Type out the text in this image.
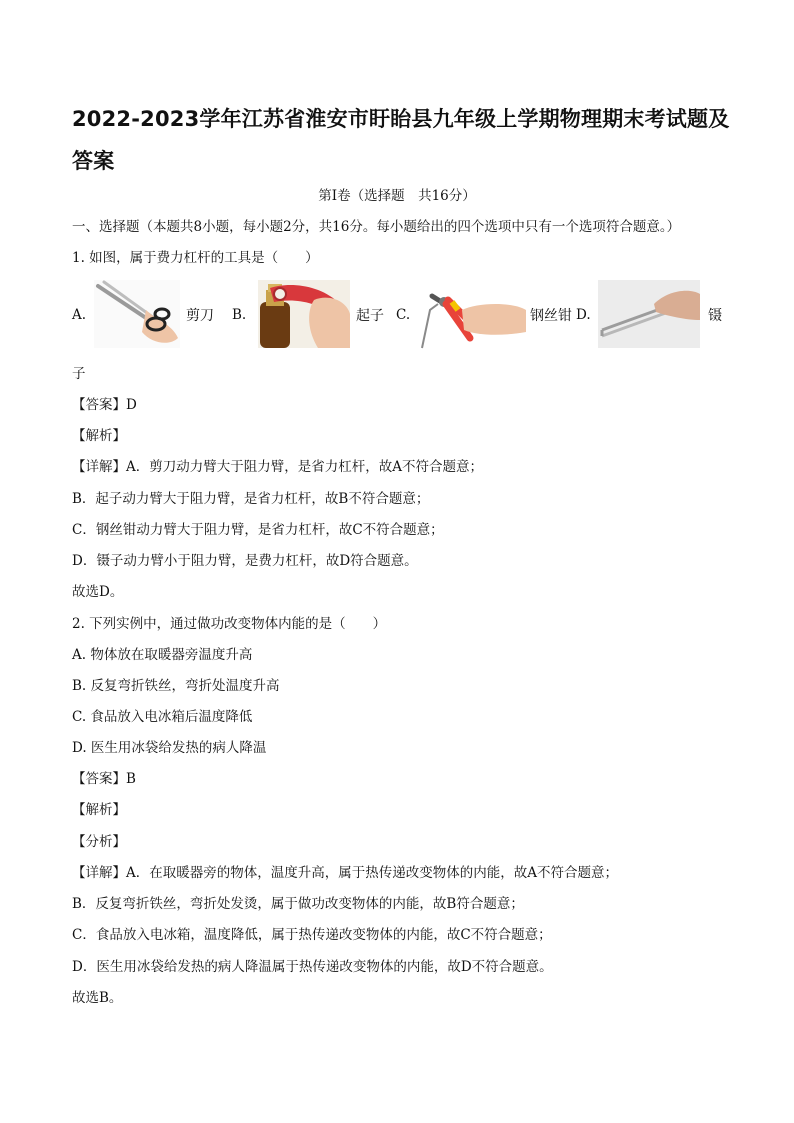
2022-2023学年江苏省淮安市盱眙县九年级上学期物理期末考试题及答案
第Ⅰ卷（选择题　共16分）
一、选择题（本题共8小题，每小题2分，共16分。每小题给出的四个选项中只有一个选项符合题意。）
1. 如图，属于费力杠杆的工具是（　　）
A.	剪刀 B.	起子 C.	钢丝钳 D.	镊
子
【答案】D
【解析】
【详解】A．剪刀动力臂大于阻力臂，是省力杠杆，故A不符合题意；
B．起子动力臂大于阻力臂，是省力杠杆，故B不符合题意；
C．钢丝钳动力臂大于阻力臂，是省力杠杆，故C不符合题意；
D．镊子动力臂小于阻力臂，是费力杠杆，故D符合题意。
故选D。
2. 下列实例中，通过做功改变物体内能的是（　　）
A. 物体放在取暖器旁温度升高
B. 反复弯折铁丝，弯折处温度升高
C. 食品放入电冰箱后温度降低
D. 医生用冰袋给发热的病人降温
【答案】B
【解析】
【分析】
【详解】A．在取暖器旁的物体，温度升高，属于热传递改变物体的内能，故A不符合题意；
B．反复弯折铁丝，弯折处发烫，属于做功改变物体的内能，故B符合题意；
C．食品放入电冰箱，温度降低，属于热传递改变物体的内能，故C不符合题意；
D．医生用冰袋给发热的病人降温属于热传递改变物体的内能，故D不符合题意。
故选B。
